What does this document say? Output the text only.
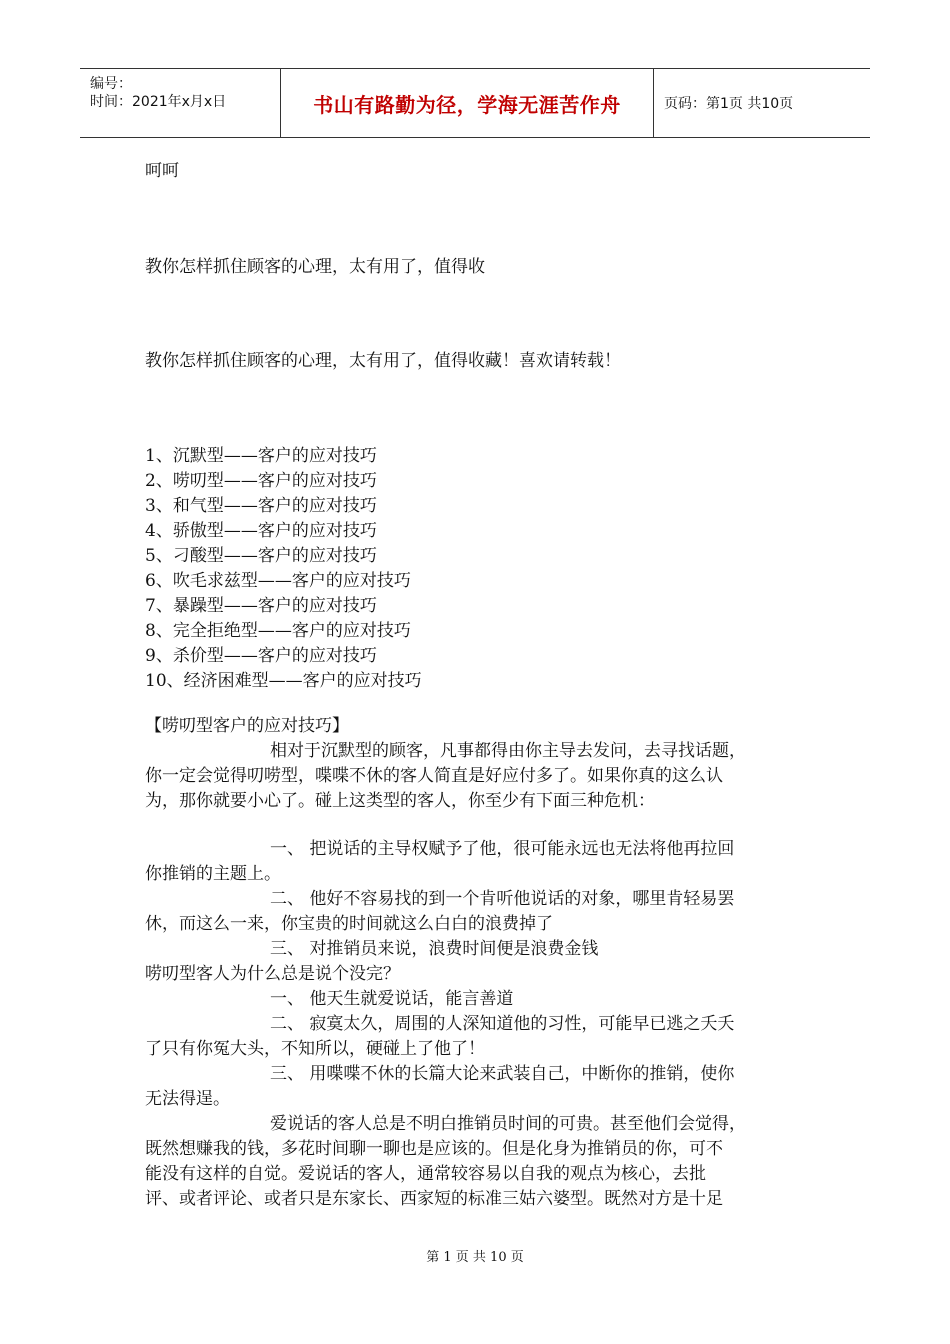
编号：
时间：2021年x月x日	书山有路勤为径，学海无涯苦作舟	页码：第1页 共10页
呵呵
教你怎样抓住顾客的心理，太有用了，值得收
教你怎样抓住顾客的心理，太有用了，值得收藏！喜欢请转载！
1、沉默型——客户的应对技巧
2、唠叨型——客户的应对技巧
3、和气型——客户的应对技巧
4、骄傲型——客户的应对技巧
5、刁酸型——客户的应对技巧
6、吹毛求兹型——客户的应对技巧
7、暴躁型——客户的应对技巧
8、完全拒绝型——客户的应对技巧
9、杀价型——客户的应对技巧
10、经济困难型——客户的应对技巧
【唠叨型客户的应对技巧】
相对于沉默型的顾客，凡事都得由你主导去发问，去寻找话题，
你一定会觉得叨唠型，喋喋不休的客人简直是好应付多了。如果你真的这么认
为，那你就要小心了。碰上这类型的客人，你至少有下面三种危机：
一、 把说话的主导权赋予了他，很可能永远也无法将他再拉回
你推销的主题上。
二、 他好不容易找的到一个肯听他说话的对象，哪里肯轻易罢
休，而这么一来，你宝贵的时间就这么白白的浪费掉了
三、 对推销员来说，浪费时间便是浪费金钱
唠叨型客人为什么总是说个没完？
一、 他天生就爱说话，能言善道
二、 寂寞太久，周围的人深知道他的习性，可能早已逃之夭夭
了只有你冤大头，不知所以，硬碰上了他了！
三、 用喋喋不休的长篇大论来武装自己，中断你的推销，使你
无法得逞。
爱说话的客人总是不明白推销员时间的可贵。甚至他们会觉得，
既然想赚我的钱，多花时间聊一聊也是应该的。但是化身为推销员的你，可不
能没有这样的自觉。爱说话的客人，通常较容易以自我的观点为核心，去批
评、或者评论、或者只是东家长、西家短的标准三姑六婆型。既然对方是十足
第 1 页 共 10 页
